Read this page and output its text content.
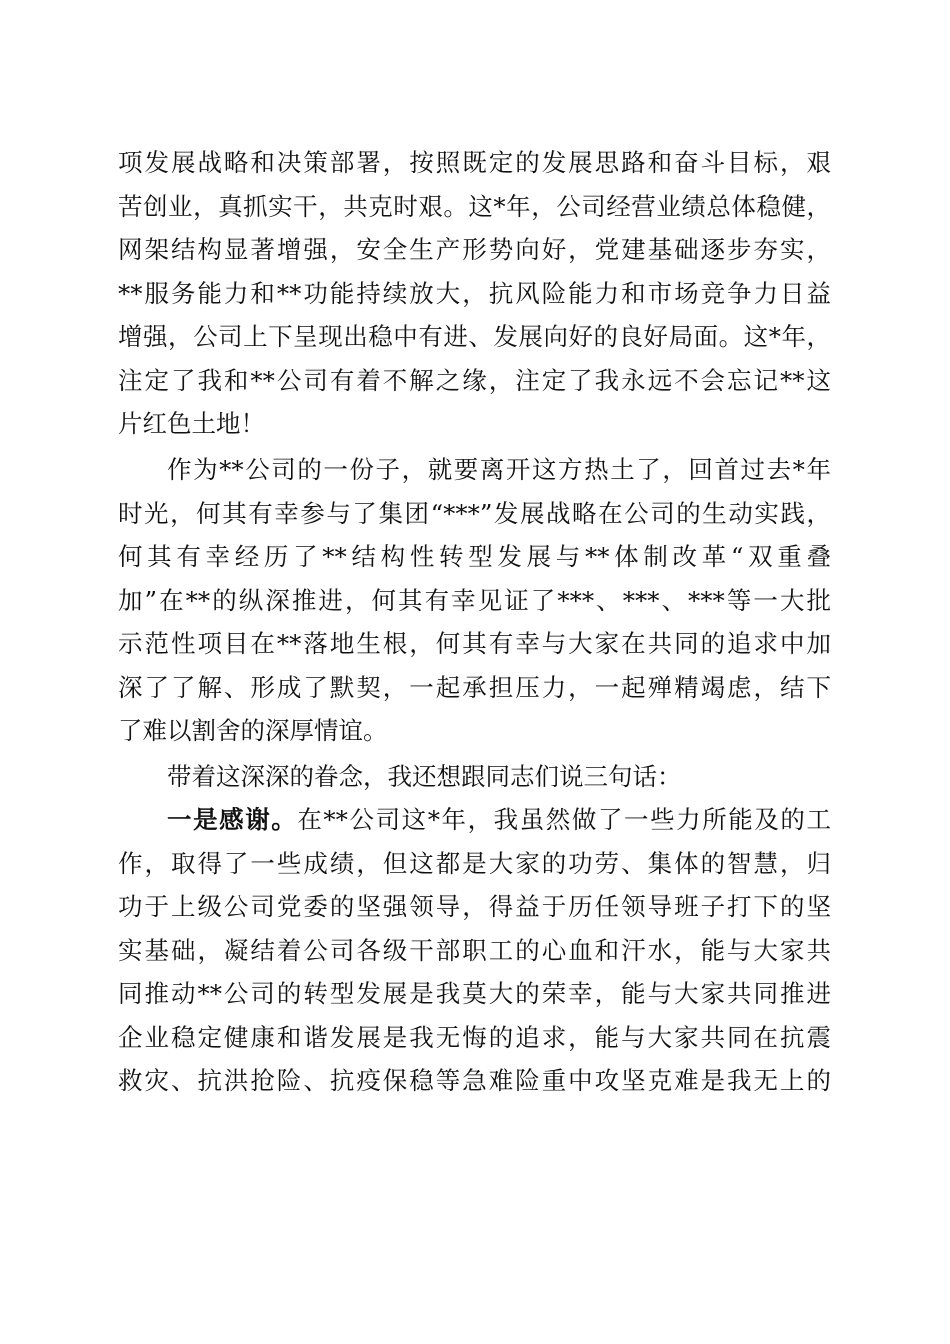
项发展战略和决策部署，按照既定的发展思路和奋斗目标，艰
苦创业，真抓实干，共克时艰。这*年，公司经营业绩总体稳健，
网架结构显著增强，安全生产形势向好，党建基础逐步夯实，
**服务能力和**功能持续放大，抗风险能力和市场竞争力日益
增强，公司上下呈现出稳中有进、发展向好的良好局面。这*年，
注定了我和**公司有着不解之缘，注定了我永远不会忘记**这
片红色土地！
作为**公司的一份子，就要离开这方热土了，回首过去*年
时光，何其有幸参与了集团“***”发展战略在公司的生动实践，
何其有幸经历了**结构性转型发展与**体制改革“双重叠
加”在**的纵深推进，何其有幸见证了***、***、***等一大批
示范性项目在**落地生根，何其有幸与大家在共同的追求中加
深了了解、形成了默契，一起承担压力，一起殚精竭虑，结下
了难以割舍的深厚情谊。
带着这深深的眷念，我还想跟同志们说三句话：
一是感谢。在**公司这*年，我虽然做了一些力所能及的工
作，取得了一些成绩，但这都是大家的功劳、集体的智慧，归
功于上级公司党委的坚强领导，得益于历任领导班子打下的坚
实基础，凝结着公司各级干部职工的心血和汗水，能与大家共
同推动**公司的转型发展是我莫大的荣幸，能与大家共同推进
企业稳定健康和谐发展是我无悔的追求，能与大家共同在抗震
救灾、抗洪抢险、抗疫保稳等急难险重中攻坚克难是我无上的
